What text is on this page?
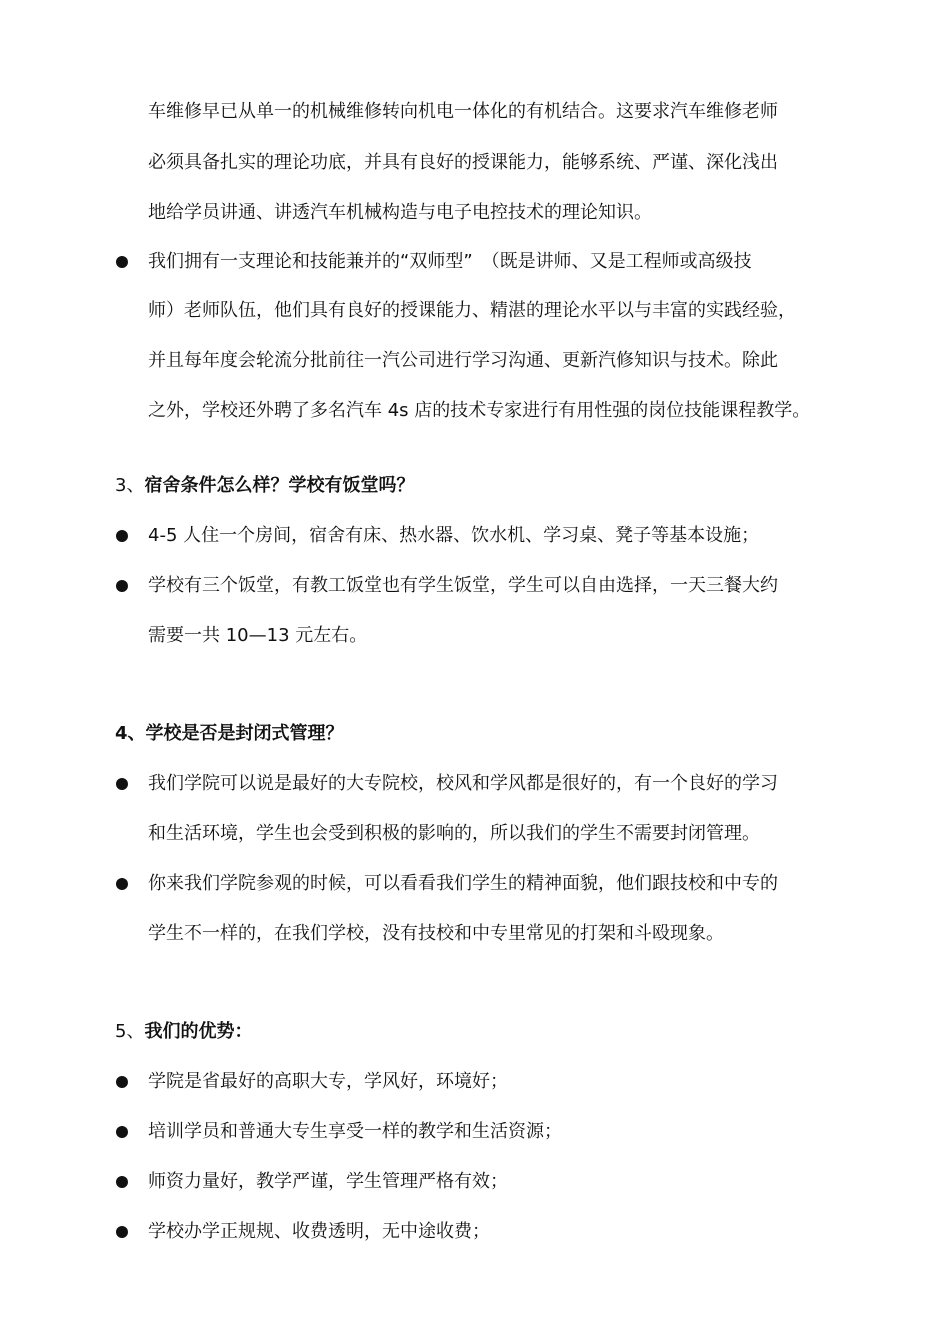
车维修早已从单一的机械维修转向机电一体化的有机结合。这要求汽车维修老师
必须具备扎实的理论功底，并具有良好的授课能力，能够系统、严谨、深化浅出
地给学员讲通、讲透汽车机械构造与电子电控技术的理论知识。
我们拥有一支理论和技能兼并的“双师型”　（既是讲师、又是工程师或高级技
师）老师队伍，他们具有良好的授课能力、精湛的理论水平以与丰富的实践经验，
并且每年度会轮流分批前往一汽公司进行学习沟通、更新汽修知识与技术。除此
之外，学校还外聘了多名汽车 4s 店的技术专家进行有用性强的岗位技能课程教学。
3、宿舍条件怎么样？学校有饭堂吗？
4-5 人住一个房间，宿舍有床、热水器、饮水机、学习桌、凳子等基本设施；
学校有三个饭堂，有教工饭堂也有学生饭堂，学生可以自由选择，一天三餐大约
需要一共 10—13 元左右。
4、学校是否是封闭式管理？
我们学院可以说是最好的大专院校，校风和学风都是很好的，有一个良好的学习
和生活环境，学生也会受到积极的影响的，所以我们的学生不需要封闭管理。
你来我们学院参观的时候，可以看看我们学生的精神面貌，他们跟技校和中专的
学生不一样的，在我们学校，没有技校和中专里常见的打架和斗殴现象。
5、我们的优势：
学院是省最好的高职大专，学风好，环境好；
培训学员和普通大专生享受一样的教学和生活资源；
师资力量好，教学严谨，学生管理严格有效；
学校办学正规规、收费透明，无中途收费；
